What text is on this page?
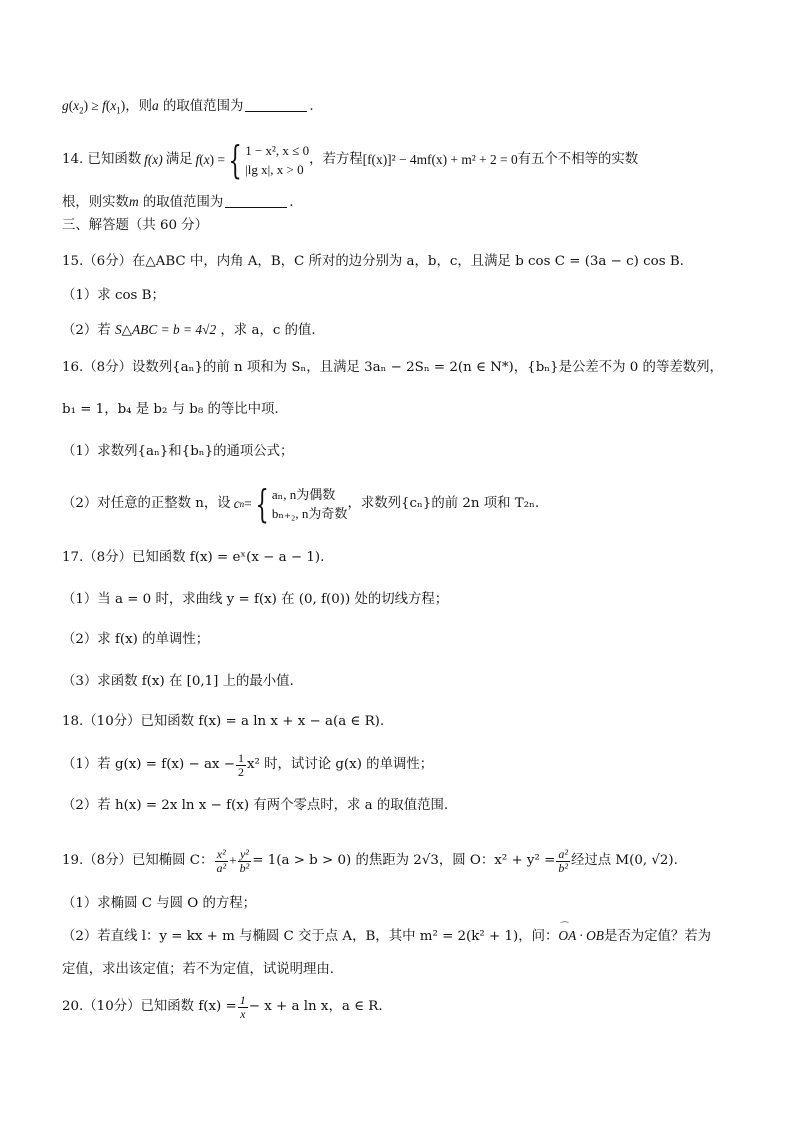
$g(x_2) \ge f(x_1)$，则a 的取值范围为	.
14. 已知函数 f(x) 满足 f ( x ) = { 1 − x², x ≤ 0
|lg x|, x > 0
，若方程 [f(x)]² − 4mf(x) + m² + 2 = 0 有五个不相等的实数
根，则实数m 的取值范围为	.
三、解答题（共 60 分）
15.（6分）在△ABC 中，内角 A，B，C 所对的边分别为 a，b，c，且满足 b cos C = (3a − c) cos B.
（1）求 cos B；
（2）若 S△ABC = b = 4√2 ，求 a，c 的值.
16.（8分）设数列{aₙ}的前 n 项和为 Sₙ，且满足 3aₙ − 2Sₙ = 2(n ∈ N*)，{bₙ}是公差不为 0 的等差数列，
b₁ = 1，b₄ 是 b₂ 与 b₈ 的等比中项.
（1）求数列{aₙ}和{bₙ}的通项公式；
（2）对任意的正整数 n，设 c n = { aₙ, n为偶数
bₙ₊₂, n为奇数
，求数列{cₙ}的前 2n 项和 T₂ₙ.
17.（8分）已知函数 f(x) = eˣ(x − a − 1).
（1）当 a = 0 时，求曲线 y = f(x) 在 (0, f(0)) 处的切线方程；
（2）求 f(x) 的单调性；
（3）求函数 f(x) 在 [0,1] 上的最小值.
18.（10分）已知函数 f(x) = a ln x + x − a(a ∈ R).
（1）若 g(x) = f(x) − ax − $\frac{1}{2} x^2$ 时，试讨论 g(x) 的单调性；
（2）若 h(x) = 2x ln x − f(x) 有两个零点时，求 a 的取值范围.
19.（8分）已知椭圆 C： $\frac{\text{x²}}{\text{a²}} + \frac{\text{y²}}{\text{b²}} = 1(a > b > 0)$ 的焦距为 2√3，圆 O：$x^2 + y^2 = \frac{\text{a²}}{\text{b²}}$ 经过点 M(0, √2).
（1）求椭圆 C 与圆 O 的方程；
（2）若直线 l：y = kx + m 与椭圆 C 交于点 A，B，其中 m² = 2(k² + 1)，问：⌒ OA · OB是否为定值？若为
定值，求出该定值；若不为定值，试说明理由.
20.（10分）已知函数 $f(x) = \frac{1}{x} - x + a$ ln x，a ∈ R.
